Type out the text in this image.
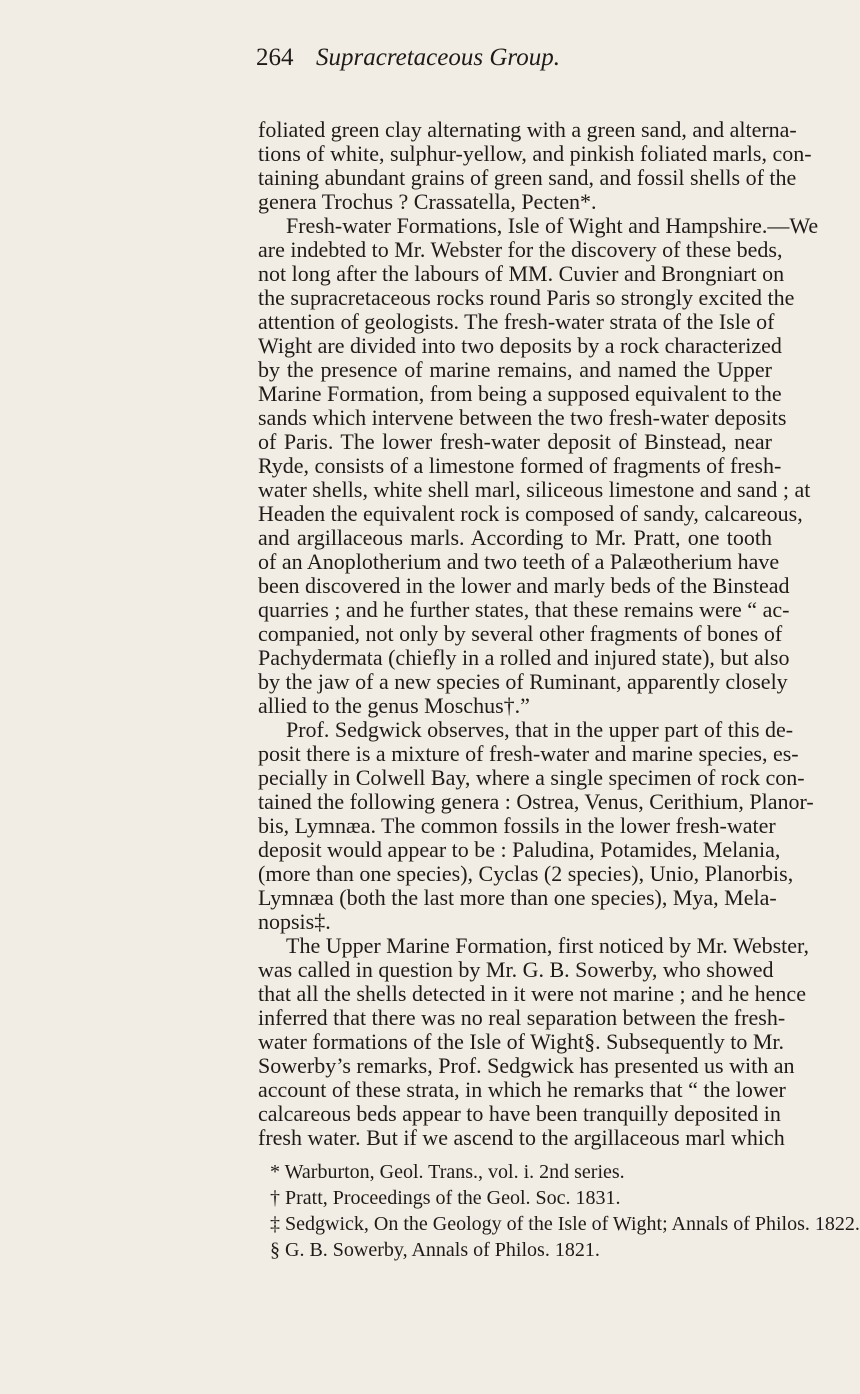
264 Supracretaceous Group.
foliated green clay alternating with a green sand, and alterna-
tions of white, sulphur-yellow, and pinkish foliated marls, con-
taining abundant grains of green sand, and fossil shells of the
genera Trochus ? Crassatella, Pecten*.
Fresh-water Formations, Isle of Wight and Hampshire.—We
are indebted to Mr. Webster for the discovery of these beds,
not long after the labours of MM. Cuvier and Brongniart on
the supracretaceous rocks round Paris so strongly excited the
attention of geologists. The fresh-water strata of the Isle of
Wight are divided into two deposits by a rock characterized
by the presence of marine remains, and named the Upper
Marine Formation, from being a supposed equivalent to the
sands which intervene between the two fresh-water deposits
of Paris. The lower fresh-water deposit of Binstead, near
Ryde, consists of a limestone formed of fragments of fresh-
water shells, white shell marl, siliceous limestone and sand ; at
Headen the equivalent rock is composed of sandy, calcareous,
and argillaceous marls. According to Mr. Pratt, one tooth
of an Anoplotherium and two teeth of a Palæotherium have
been discovered in the lower and marly beds of the Binstead
quarries ; and he further states, that these remains were “ ac-
companied, not only by several other fragments of bones of
Pachydermata (chiefly in a rolled and injured state), but also
by the jaw of a new species of Ruminant, apparently closely
allied to the genus Moschus†.”
Prof. Sedgwick observes, that in the upper part of this de-
posit there is a mixture of fresh-water and marine species, es-
pecially in Colwell Bay, where a single specimen of rock con-
tained the following genera : Ostrea, Venus, Cerithium, Planor-
bis, Lymnæa. The common fossils in the lower fresh-water
deposit would appear to be : Paludina, Potamides, Melania,
(more than one species), Cyclas (2 species), Unio, Planorbis,
Lymnæa (both the last more than one species), Mya, Mela-
nopsis‡.
The Upper Marine Formation, first noticed by Mr. Webster,
was called in question by Mr. G. B. Sowerby, who showed
that all the shells detected in it were not marine ; and he hence
inferred that there was no real separation between the fresh-
water formations of the Isle of Wight§. Subsequently to Mr.
Sowerby’s remarks, Prof. Sedgwick has presented us with an
account of these strata, in which he remarks that “ the lower
calcareous beds appear to have been tranquilly deposited in
fresh water. But if we ascend to the argillaceous marl which
* Warburton, Geol. Trans., vol. i. 2nd series.
† Pratt, Proceedings of the Geol. Soc. 1831.
‡ Sedgwick, On the Geology of the Isle of Wight; Annals of Philos. 1822.
§ G. B. Sowerby, Annals of Philos. 1821.
